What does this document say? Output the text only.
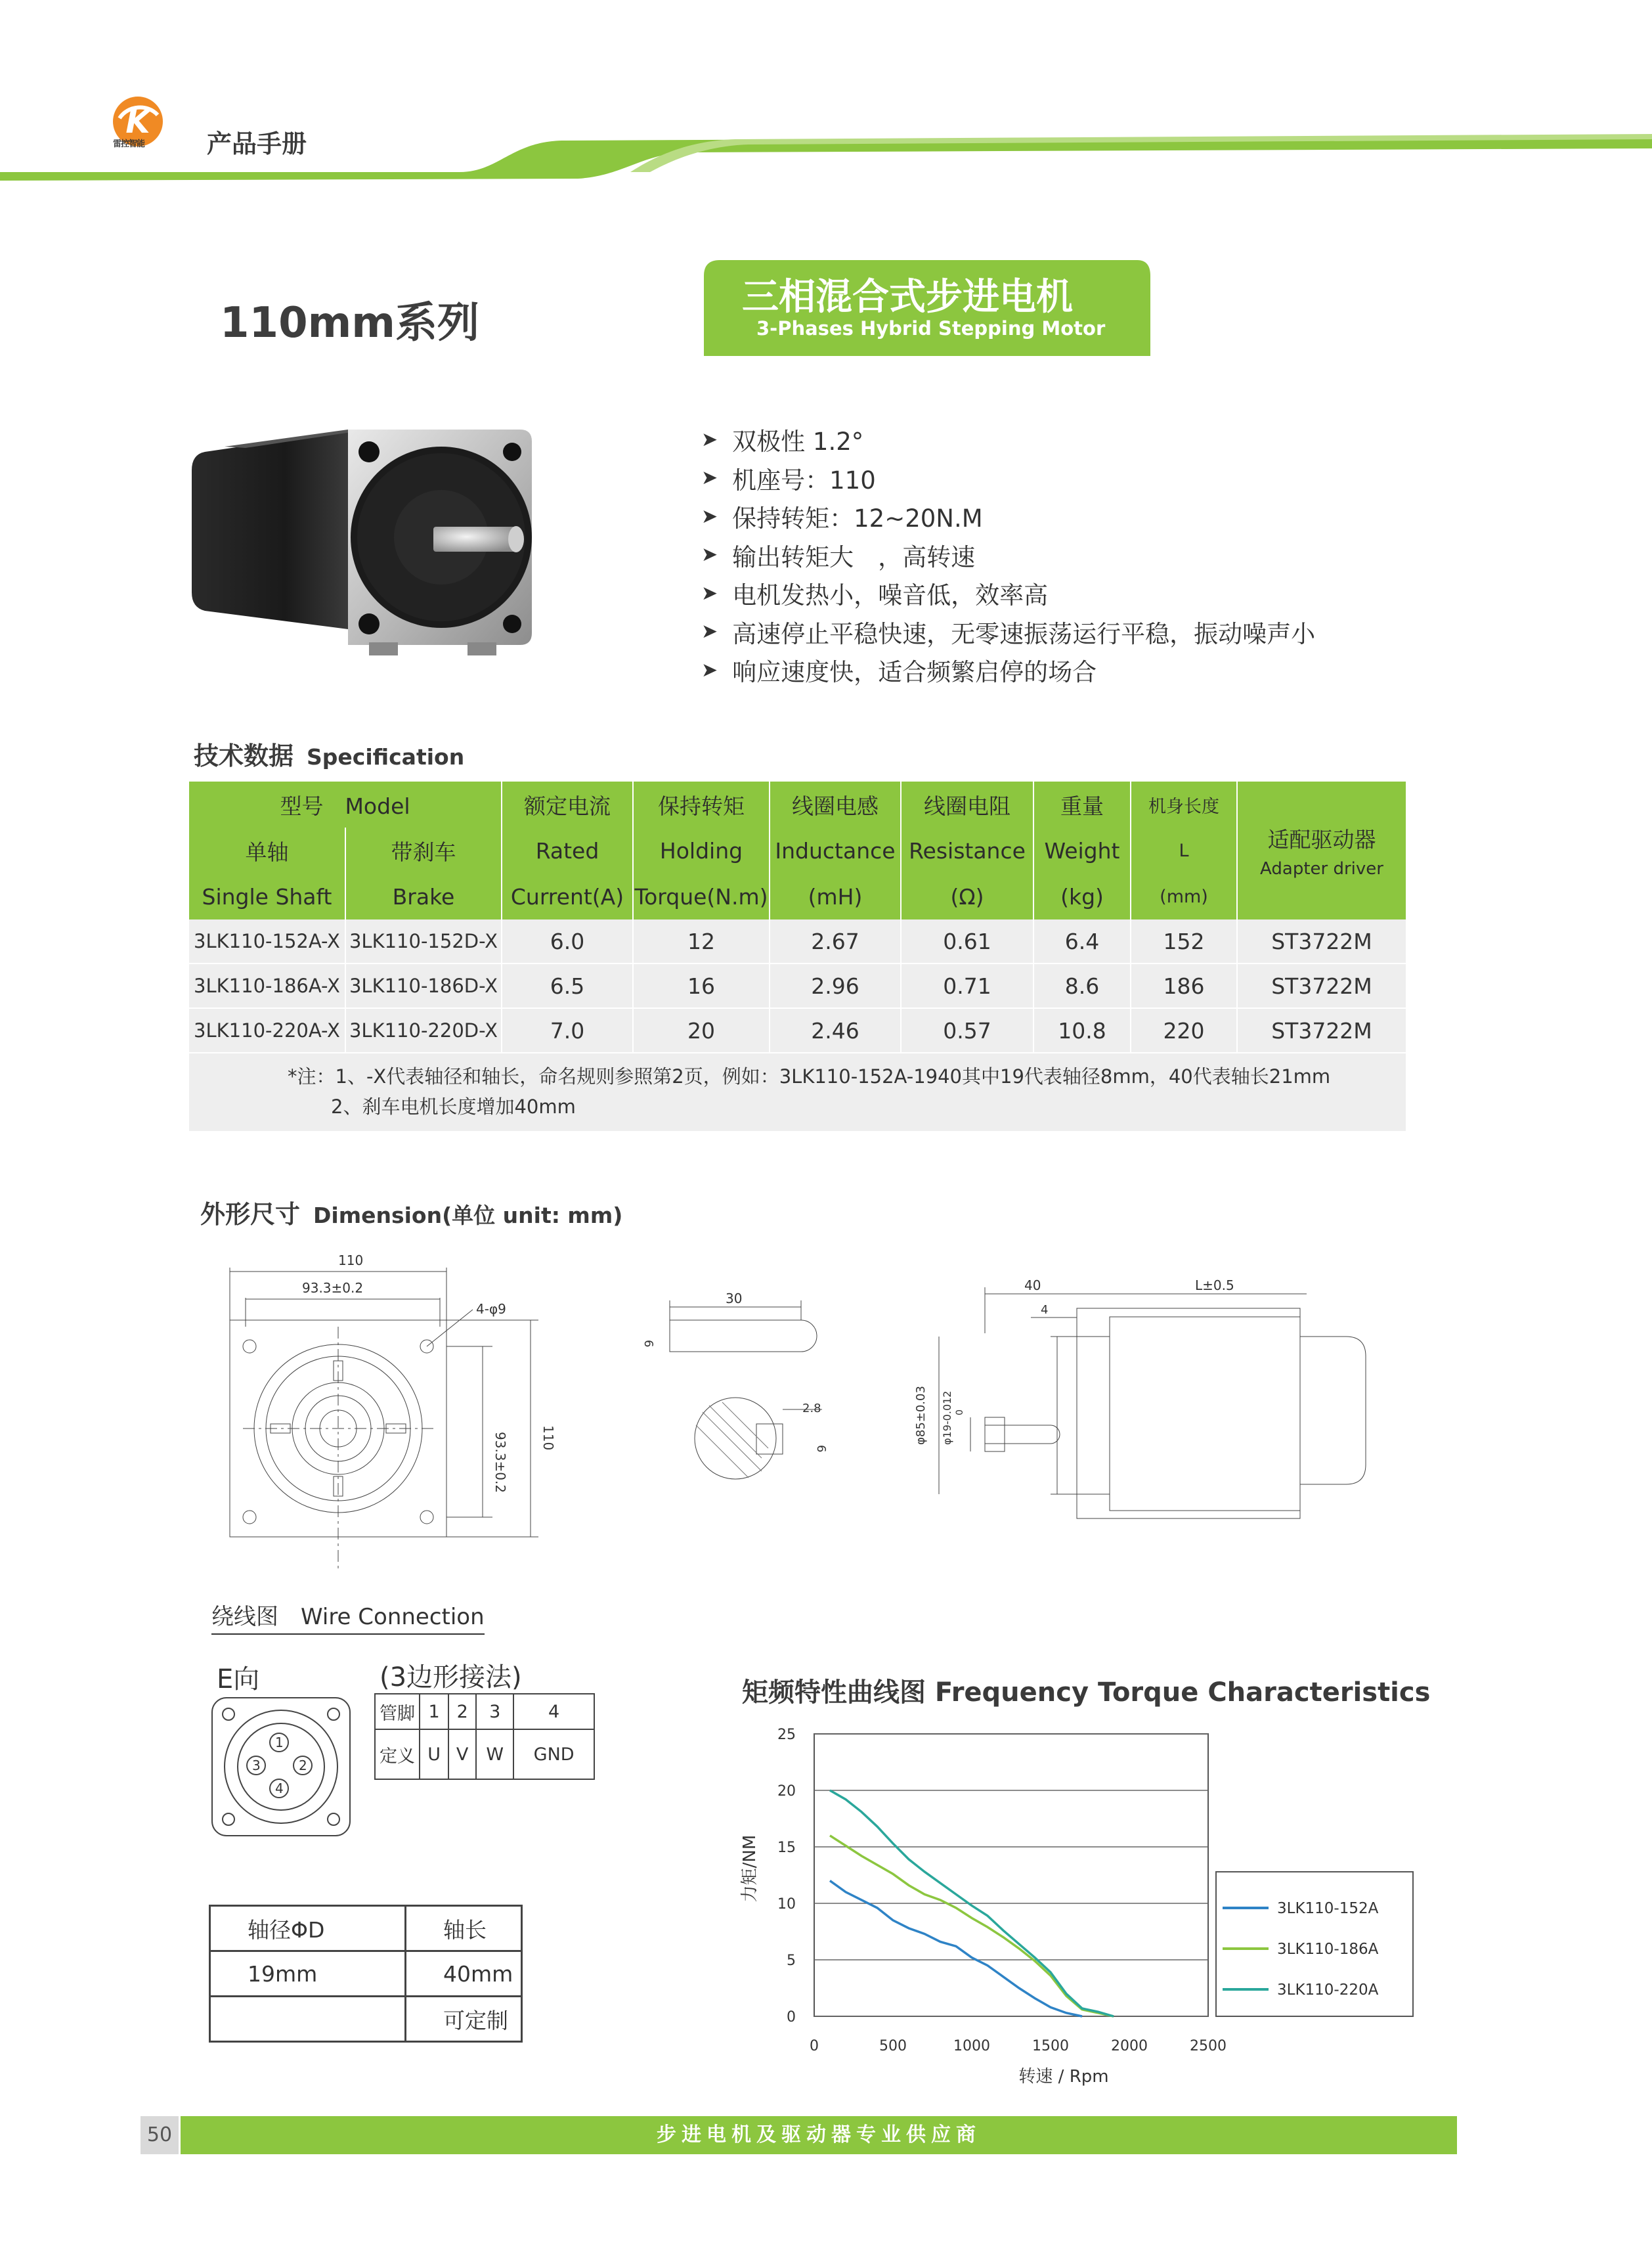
K
雷控智能 产品手册
110mm系列
三相混合式步进电机
3-Phases Hybrid Stepping Motor
➤ 双极性 1.2°
➤ 机座号：110
➤ 保持转矩：12~20N.M
➤ 输出转矩大　，高转速
➤ 电机发热小，噪音低，效率高
➤ 高速停止平稳快速，无零速振荡运行平稳，振动噪声小
➤ 响应速度快，适合频繁启停的场合
技术数据 Specification
型号　 Model		额定电流	保持转矩	线圈电感	线圈电阻	重量	机身长度	适配驱动器
Adapter driver

单轴	带刹车	Rated	Holding	Inductance	Resistance	Weight	L	
Single Shaft	Brake	Current(A)	Torque(N.m)	(mH)	(Ω)	(kg)	(mm)	
3LK110-152A-X	3LK110-152D-X	6.0	12	2.67	0.61	6.4	152	ST3722M
3LK110-186A-X	3LK110-186D-X	6.5	16	2.96	0.71	8.6	186	ST3722M
3LK110-220A-X	3LK110-220D-X	7.0	20	2.46	0.57	10.8	220	ST3722M

*注：1、-X代表轴径和轴长，命名规则参照第2页，例如：3LK110-152A-1940其中19代表轴径8mm，40代表轴长21mm
2、刹车电机长度增加40mm								
外形尺寸 Dimension(单位 unit: mm)
110
93.3±0.2
4-φ9
93.3±0.2 110
30
6
2.8
6
40	L±0.5
4
φ85±0.03 φ19-0.012 0
绕线图　 Wire Connection
E向	(3边形接法)
1
2
3
4
管脚	1	2	3	4
定义	U	V	W	GND
轴径ΦD	轴长
19mm	40mm
	可定制
矩频特性曲线图 Frequency Torque Characteristics
0
5
10
15
20
25
0	500	1000	1500	2000	2500
力矩/NM
转速 / Rpm
3LK110-152A
3LK110-186A
3LK110-220A
50	步进电机及驱动器专业供应商
